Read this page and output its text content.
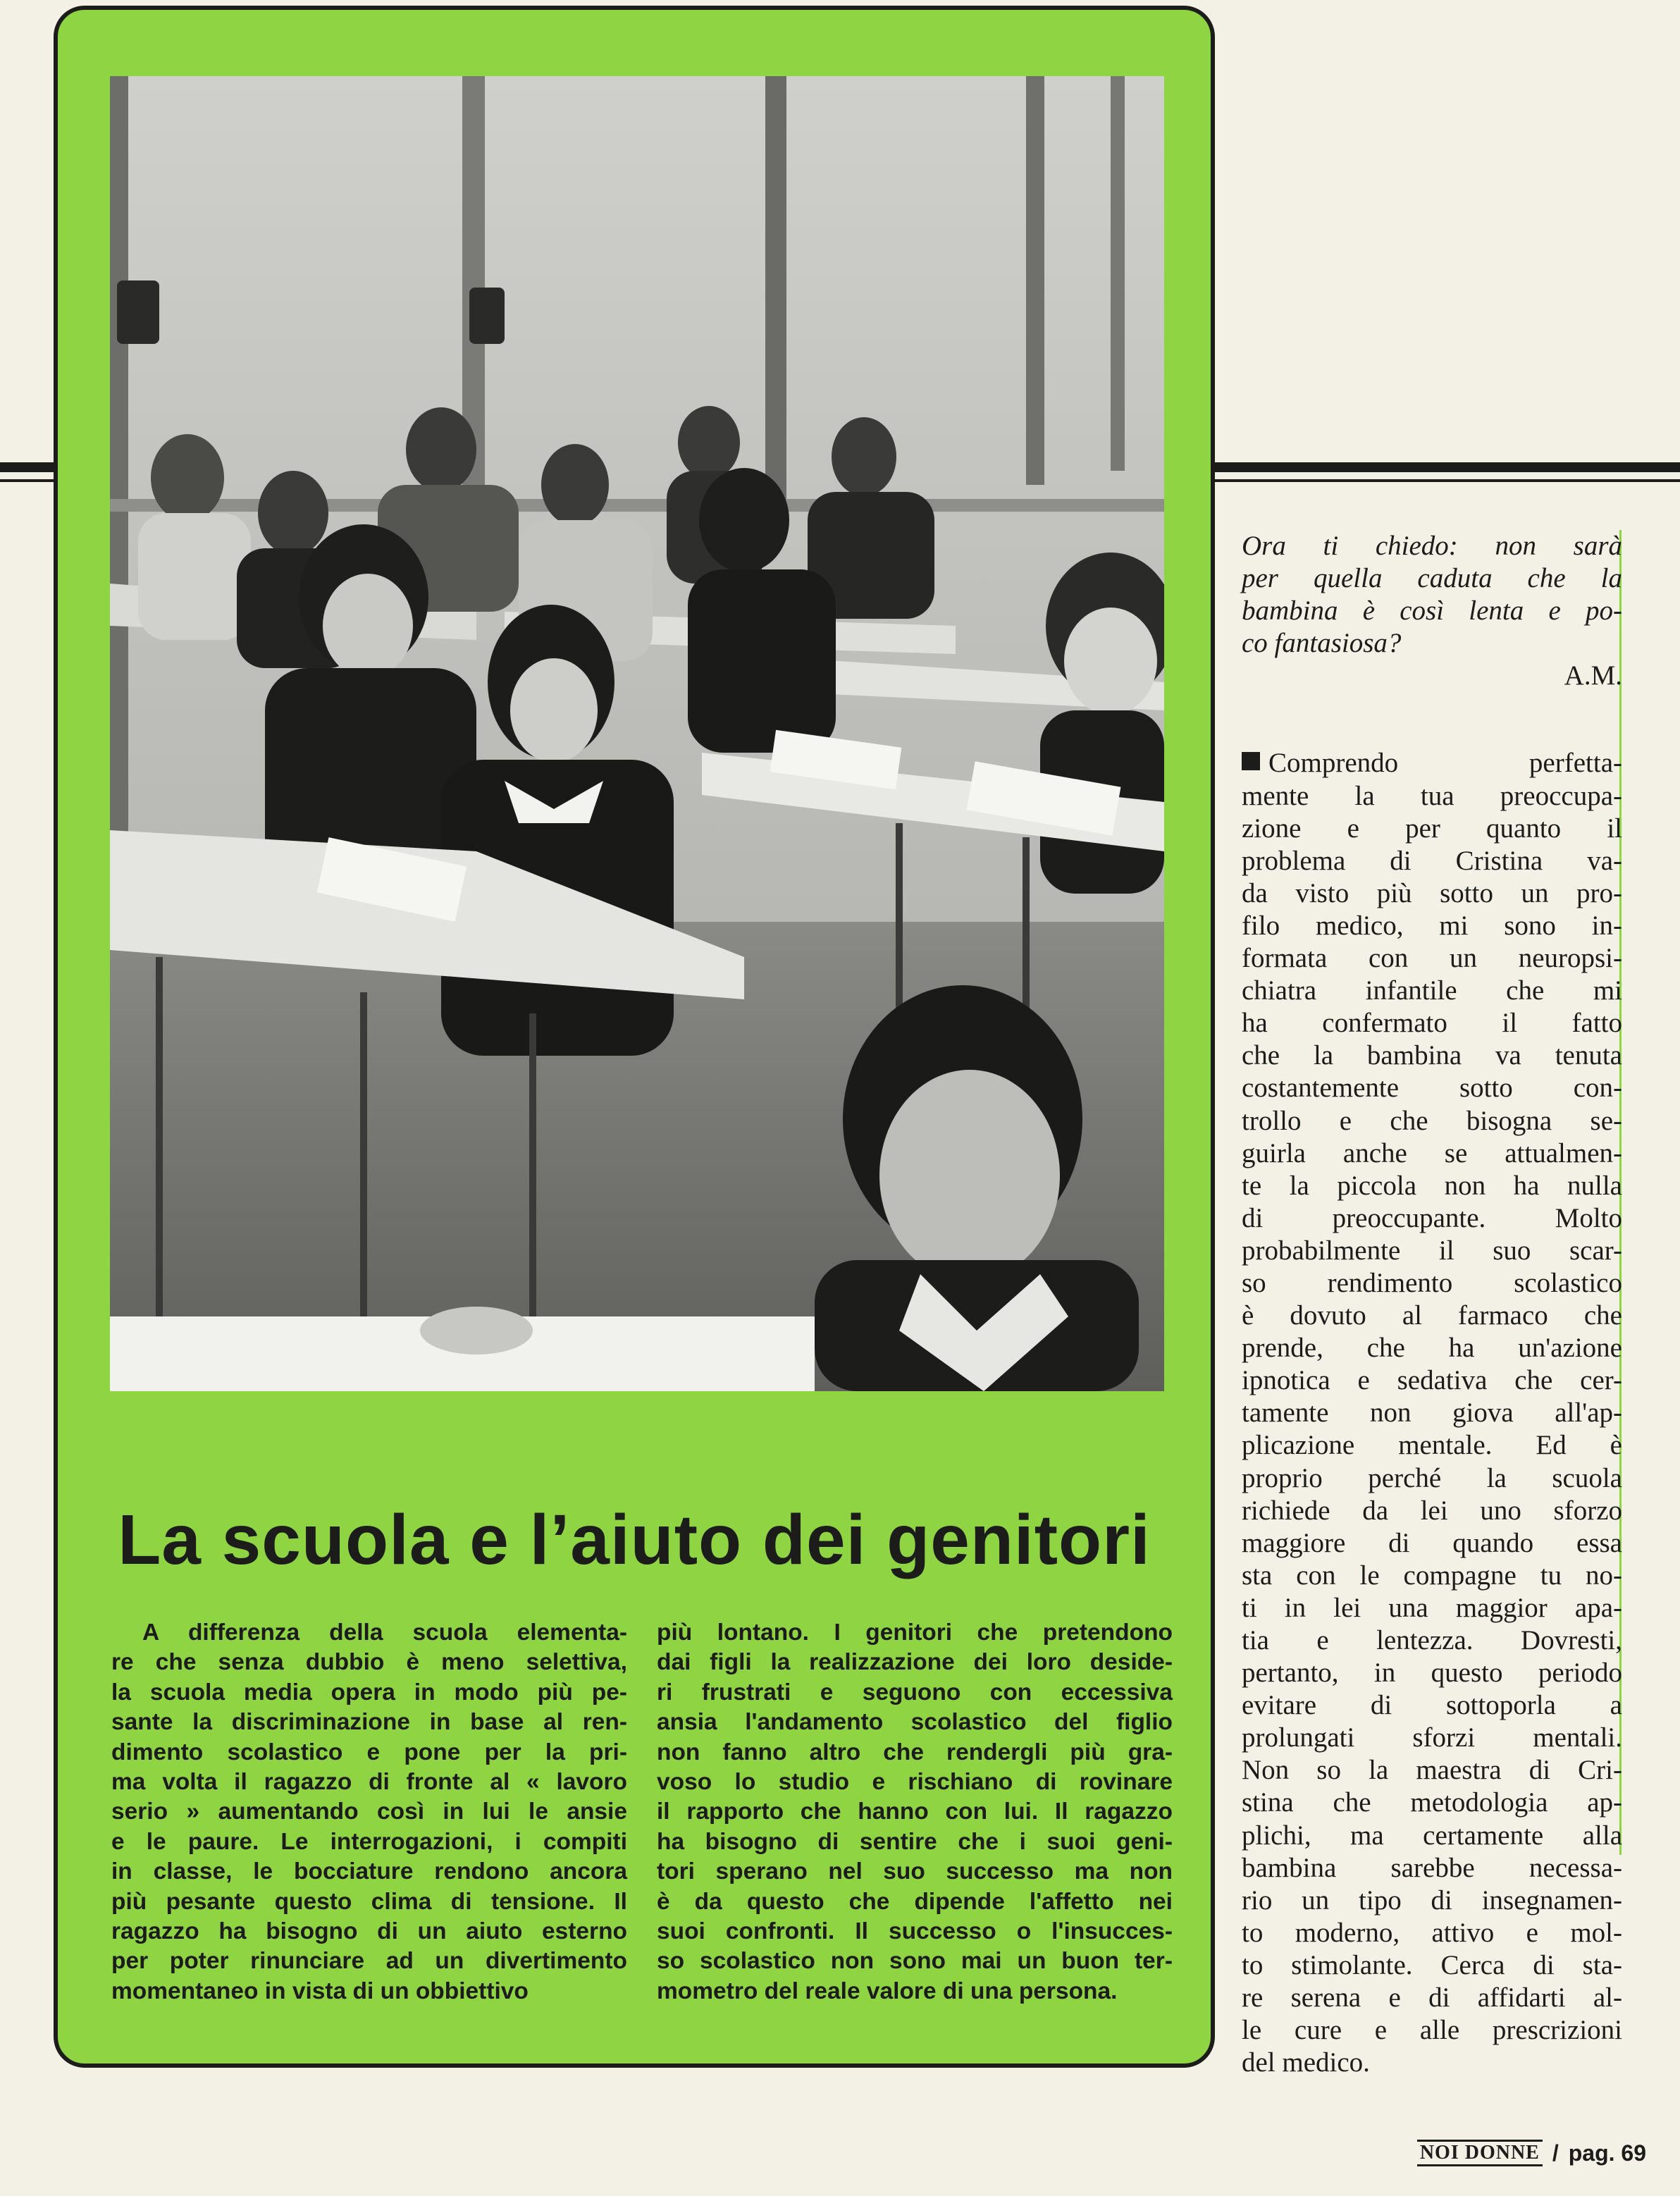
La scuola e l’aiuto dei genitori
A differenza della scuola elementa-
re che senza dubbio è meno selettiva,
la scuola media opera in modo più pe-
sante la discriminazione in base al ren-
dimento scolastico e pone per la pri-
ma volta il ragazzo di fronte al « lavoro
serio » aumentando così in lui le ansie
e le paure. Le interrogazioni, i compiti
in classe, le bocciature rendono ancora
più pesante questo clima di tensione. Il
ragazzo ha bisogno di un aiuto esterno
per poter rinunciare ad un divertimento
momentaneo in vista di un obbiettivo
più lontano. I genitori che pretendono
dai figli la realizzazione dei loro deside-
ri frustrati e seguono con eccessiva
ansia l'andamento scolastico del figlio
non fanno altro che rendergli più gra-
voso lo studio e rischiano di rovinare
il rapporto che hanno con lui. Il ragazzo
ha bisogno di sentire che i suoi geni-
tori sperano nel suo successo ma non
è da questo che dipende l'affetto nei
suoi confronti. Il successo o l'insucces-
so scolastico non sono mai un buon ter-
mometro del reale valore di una persona.
Ora ti chiedo: non sarà
per quella caduta che la
bambina è così lenta e po-
co fantasiosa?
A.M.
Comprendo perfetta-
mente la tua preoccupa-
zione e per quanto il
problema di Cristina va-
da visto più sotto un pro-
filo medico, mi sono in-
formata con un neuropsi-
chiatra infantile che mi
ha confermato il fatto
che la bambina va tenuta
costantemente sotto con-
trollo e che bisogna se-
guirla anche se attualmen-
te la piccola non ha nulla
di preoccupante. Molto
probabilmente il suo scar-
so rendimento scolastico
è dovuto al farmaco che
prende, che ha un'azione
ipnotica e sedativa che cer-
tamente non giova all'ap-
plicazione mentale. Ed è
proprio perché la scuola
richiede da lei uno sforzo
maggiore di quando essa
sta con le compagne tu no-
ti in lei una maggior apa-
tia e lentezza. Dovresti,
pertanto, in questo periodo
evitare di sottoporla a
prolungati sforzi mentali.
Non so la maestra di Cri-
stina che metodologia ap-
plichi, ma certamente alla
bambina sarebbe necessa-
rio un tipo di insegnamen-
to moderno, attivo e mol-
to stimolante. Cerca di sta-
re serena e di affidarti al-
le cure e alle prescrizioni
del medico.
NOI DONNE / pag. 69
